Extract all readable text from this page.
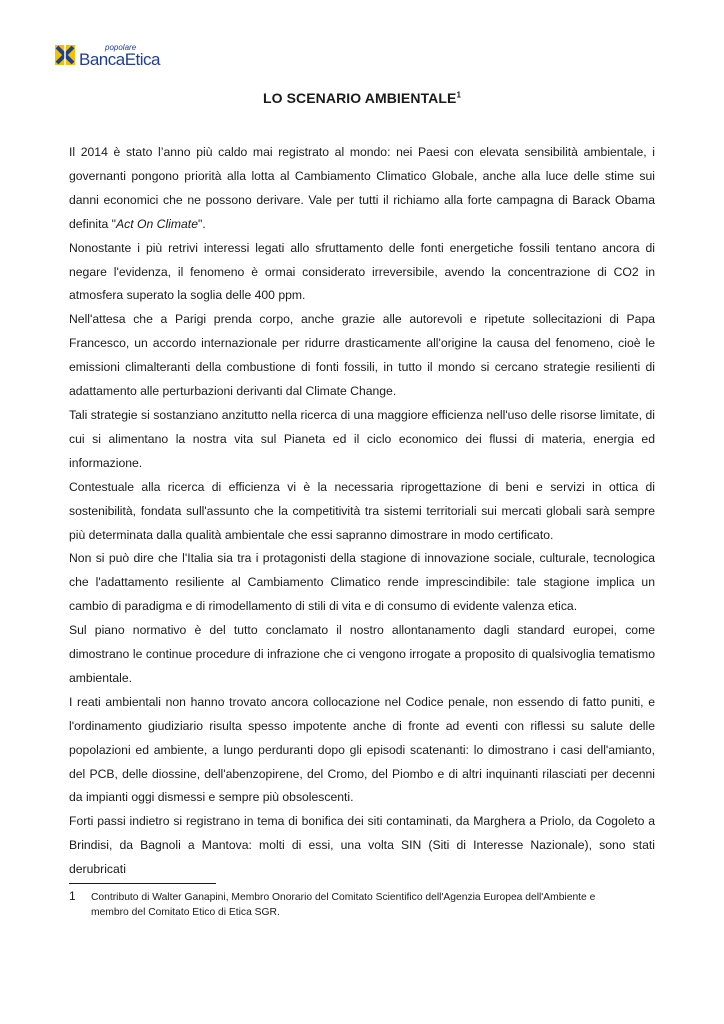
popolare
BancaEtica
LO SCENARIO AMBIENTALE$^1$

Il 2014 è stato l’anno più caldo mai registrato al mondo: nei Paesi con elevata sensibilità ambientale, i governanti pongono priorità alla lotta al Cambiamento Climatico Globale, anche alla luce delle stime sui danni economici che ne possono derivare. Vale per tutti il richiamo alla forte campagna di Barack Obama definita "Act On Climate".

Nonostante i più retrivi interessi legati allo sfruttamento delle fonti energetiche fossili tentano ancora di negare l'evidenza, il fenomeno è ormai considerato irreversibile, avendo la concentrazione di CO2 in atmosfera superato la soglia delle 400 ppm.

Nell'attesa che a Parigi prenda corpo, anche grazie alle autorevoli e ripetute sollecitazioni di Papa Francesco, un accordo internazionale per ridurre drasticamente all'origine la causa del fenomeno, cioè le emissioni climalteranti della combustione di fonti fossili, in tutto il mondo si cercano strategie resilienti di adattamento alle perturbazioni derivanti dal Climate Change.

Tali strategie si sostanziano anzitutto nella ricerca di una maggiore efficienza nell'uso delle risorse limitate, di cui si alimentano la nostra vita sul Pianeta ed il ciclo economico dei flussi di materia, energia ed informazione.

Contestuale alla ricerca di efficienza vi è la necessaria riprogettazione di beni e servizi in ottica di sostenibilità, fondata sull'assunto che la competitività tra sistemi territoriali sui mercati globali sarà sempre più determinata dalla qualità ambientale che essi sapranno dimostrare in modo certificato.

Non si può dire che l'Italia sia tra i protagonisti della stagione di innovazione sociale, culturale, tecnologica che l'adattamento resiliente al Cambiamento Climatico rende imprescindibile: tale stagione implica un cambio di paradigma e di rimodellamento di stili di vita e di consumo di evidente valenza etica.

Sul piano normativo è del tutto conclamato il nostro allontanamento dagli standard europei, come dimostrano le continue procedure di infrazione che ci vengono irrogate a proposito di qualsivoglia tematismo ambientale.

I reati ambientali non hanno trovato ancora collocazione nel Codice penale, non essendo di fatto puniti, e l'ordinamento giudiziario risulta spesso impotente anche di fronte ad eventi con riflessi su salute delle popolazioni ed ambiente, a lungo perduranti dopo gli episodi scatenanti: lo dimostrano i casi dell'amianto, del PCB, delle diossine, dell'abenzopirene, del Cromo, del Piombo e di altri inquinanti rilasciati per decenni da impianti oggi dismessi e sempre più obsolescenti.

Forti passi indietro si registrano in tema di bonifica dei siti contaminati, da Marghera a Priolo, da Cogoleto a Brindisi, da Bagnoli a Mantova: molti di essi, una volta SIN (Siti di Interesse Nazionale), sono stati derubricati

1 Contributo di Walter Ganapini, Membro Onorario del Comitato Scientifico dell'Agenzia Europea dell'Ambiente e
membro del Comitato Etico di Etica SGR.
